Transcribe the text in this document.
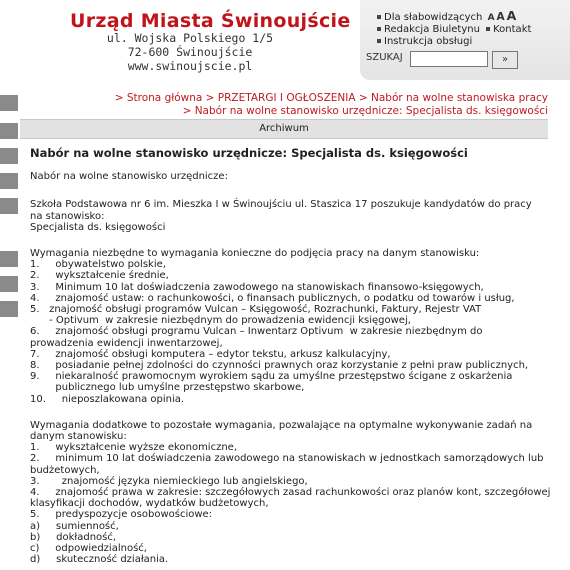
Urząd Miasta Świnoujście
ul. Wojska Polskiego 1/5
72-600 Świnoujście
www.swinoujscie.pl
Dla słabowidzących A A A
Redakcja Biuletynu Kontakt
Instrukcja obsługi
SZUKAJ	»
> Strona główna > PRZETARGI I OGŁOSZENIA > Nabór na wolne stanowiska pracy
> Nabór na wolne stanowisko urzędnicze: Specjalista ds. księgowości
Archiwum
Nabór na wolne stanowisko urzędnicze: Specjalista ds. księgowości

Nabór na wolne stanowisko urzędnicze:

Szkoła Podstawowa nr 6 im. Mieszka I w Świnoujściu ul. Staszica 17 poszukuje kandydatów do pracy

na stanowisko:

Specjalista ds. księgowości

Wymagania niezbędne to wymagania konieczne do podjęcia pracy na danym stanowisku:

1.     obywatelstwo polskie,

2.     wykształcenie średnie,

3.     Minimum 10 lat doświadczenia zawodowego na stanowiskach finansowo-księgowych,

4.     znajomość ustaw: o rachunkowości, o finansach publicznych, o podatku od towarów i usług,

5.   znajomość obsługi programów Vulcan – Księgowość, Rozrachunki, Faktury, Rejestr VAT

- Optivum  w zakresie niezbędnym do prowadzenia ewidencji księgowej,

6.     znajomość obsługi programu Vulcan – Inwentarz Optivum  w zakresie niezbędnym do

prowadzenia ewidencji inwentarzowej,

7.     znajomość obsługi komputera – edytor tekstu, arkusz kalkulacyjny,

8.     posiadanie pełnej zdolności do czynności prawnych oraz korzystanie z pełni praw publicznych,

9.     niekaralność prawomocnym wyrokiem sądu za umyślne przestępstwo ścigane z oskarżenia

publicznego lub umyślne przestępstwo skarbowe,

10.     nieposzlakowana opinia.

Wymagania dodatkowe to pozostałe wymagania, pozwalające na optymalne wykonywanie zadań na

danym stanowisku:

1.     wykształcenie wyższe ekonomiczne,

2.     minimum 10 lat doświadczenia zawodowego na stanowiskach w jednostkach samorządowych lub

budżetowych,

3.       znajomość języka niemieckiego lub angielskiego,

4.     znajomość prawa w zakresie: szczegółowych zasad rachunkowości oraz planów kont, szczegółowej

klasyfikacji dochodów, wydatków budżetowych,

5.     predyspozycje osobowościowe:

a)     sumienność,

b)     dokładność,

c)     odpowiedzialność,

d)     skuteczność działania.
